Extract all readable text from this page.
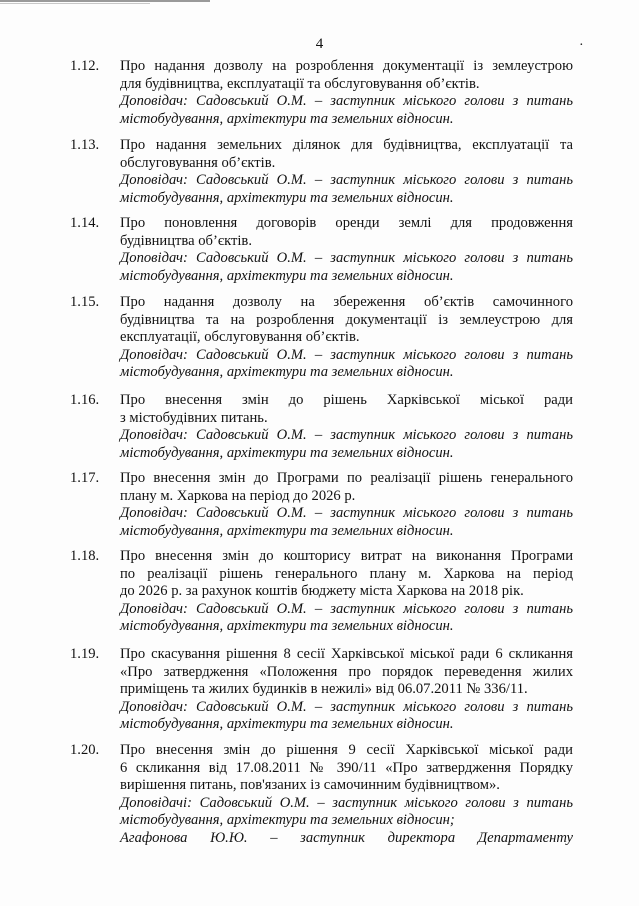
4	·
1.12. Про надання дозволу на розроблення документації із землеустрою
для будівництва, експлуатації та обслуговування об’єктів.
Доповідач: Садовський О.М. – заступник міського голови з питань
містобудування, архітектури та земельних відносин.
1.13. Про надання земельних ділянок для будівництва, експлуатації та
обслуговування об’єктів.
Доповідач: Садовський О.М. – заступник міського голови з питань
містобудування, архітектури та земельних відносин.
1.14. Про поновлення договорів оренди землі для продовження
будівництва об’єктів.
Доповідач: Садовський О.М. – заступник міського голови з питань
містобудування, архітектури та земельних відносин.
1.15. Про надання дозволу на збереження об’єктів самочинного
будівництва та на розроблення документації із землеустрою для
експлуатації, обслуговування об’єктів.
Доповідач: Садовський О.М. – заступник міського голови з питань
містобудування, архітектури та земельних відносин.
1.16. Про внесення змін до рішень Харківської міської ради
з містобудівних питань.
Доповідач: Садовський О.М. – заступник міського голови з питань
містобудування, архітектури та земельних відносин.
1.17. Про внесення змін до Програми по реалізації рішень генерального
плану м. Харкова на період до 2026 р.
Доповідач: Садовський О.М. – заступник міського голови з питань
містобудування, архітектури та земельних відносин.
1.18. Про внесення змін до кошторису витрат на виконання Програми
по реалізації рішень генерального плану м. Харкова на період
до 2026 р. за рахунок коштів бюджету міста Харкова на 2018 рік.
Доповідач: Садовський О.М. – заступник міського голови з питань
містобудування, архітектури та земельних відносин.
1.19. Про скасування рішення 8 сесії Харківської міської ради 6 скликання
«Про затвердження «Положення про порядок переведення жилих
приміщень та жилих будинків в нежилі» від 06.07.2011 № 336/11.
Доповідач: Садовський О.М. – заступник міського голови з питань
містобудування, архітектури та земельних відносин.
1.20. Про внесення змін до рішення 9 сесії Харківської міської ради
6 скликання від 17.08.2011 № 390/11 «Про затвердження Порядку
вирішення питань, пов'язаних із самочинним будівництвом».
Доповідачі: Садовський О.М. – заступник міського голови з питань
містобудування, архітектури та земельних відносин;
Агафонова Ю.Ю. – заступник директора Департаменту
